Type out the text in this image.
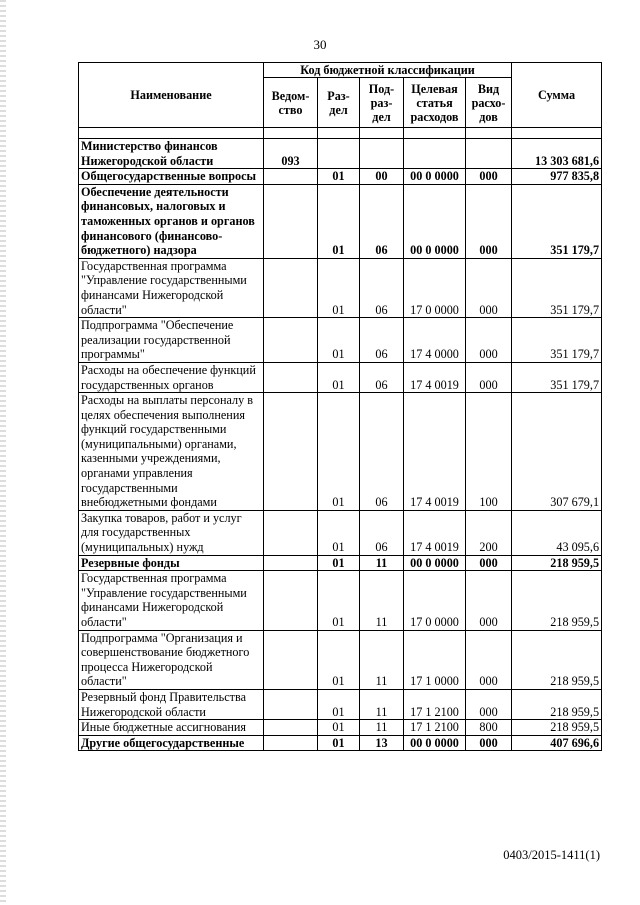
30
Наименование	Код бюджетной классификации					Сумма
	Ведом-ство	Раз-дел	Под-раз-дел	Целевая статья расходов	Вид расхо-дов	

Министерство финансов Нижегородской области	093					13 303 681,6
Общегосударственные вопросы		01	00	00 0 0000	000	977 835,8
Обеспечение деятельности финансовых, налоговых и таможенных органов и органов финансового (финансово-бюджетного) надзора		01	06	00 0 0000	000	351 179,7
Государственная программа "Управление государственными финансами Нижегородской области"		01	06	17 0 0000	000	351 179,7
Подпрограмма "Обеспечение реализации государственной программы"		01	06	17 4 0000	000	351 179,7
Расходы на обеспечение функций государственных органов		01	06	17 4 0019	000	351 179,7
Расходы на выплаты персоналу в целях обеспечения выполнения функций государственными (муниципальными) органами, казенными учреждениями, органами управления государственными внебюджетными фондами		01	06	17 4 0019	100	307 679,1
Закупка товаров, работ и услуг для государственных (муниципальных) нужд		01	06	17 4 0019	200	43 095,6
Резервные фонды		01	11	00 0 0000	000	218 959,5
Государственная программа "Управление государственными финансами Нижегородской области"		01	11	17 0 0000	000	218 959,5
Подпрограмма "Организация и совершенствование бюджетного процесса Нижегородской области"		01	11	17 1 0000	000	218 959,5
Резервный фонд Правительства Нижегородской области		01	11	17 1 2100	000	218 959,5
Иные бюджетные ассигнования		01	11	17 1 2100	800	218 959,5
Другие общегосударственные		01	13	00 0 0000	000	407 696,6
0403/2015-1411(1)
